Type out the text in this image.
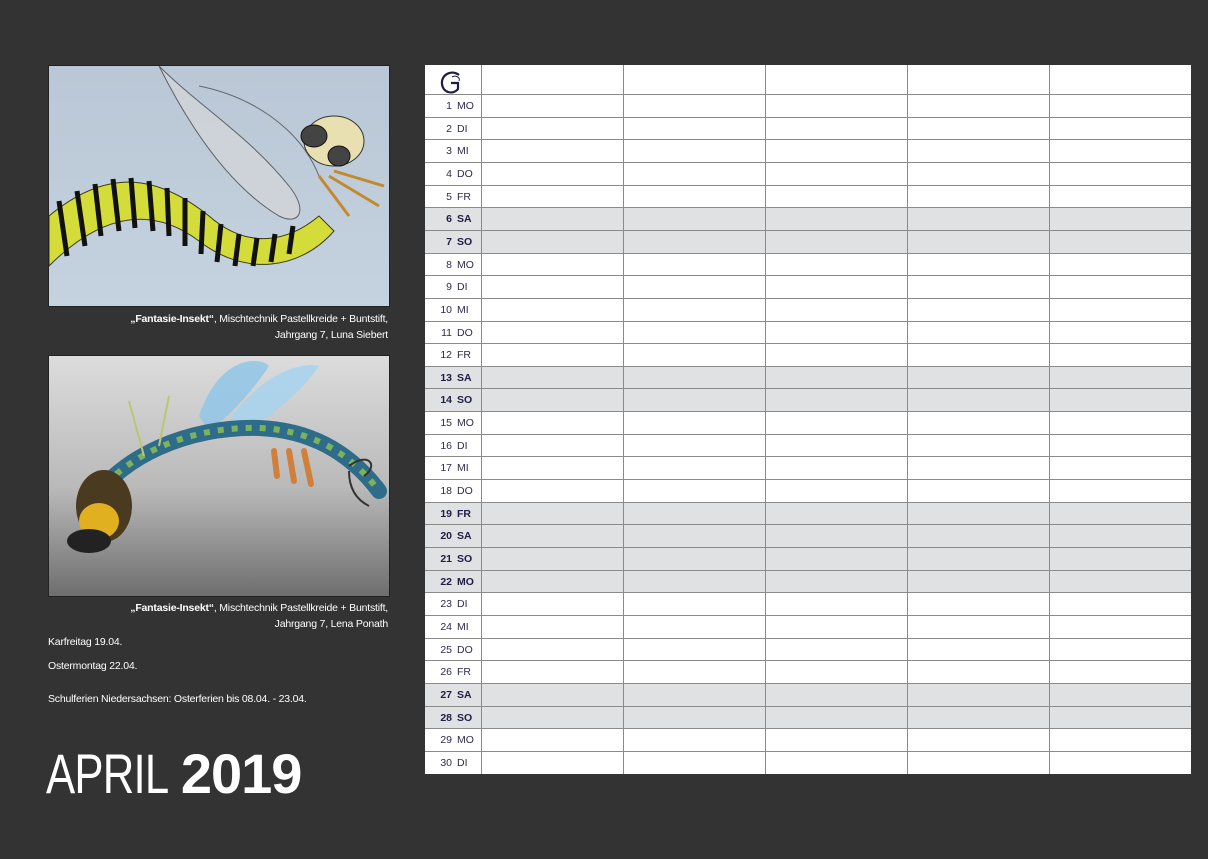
„Fantasie-Insekt“, Mischtechnik Pastellkreide + Buntstift,
Jahrgang 7, Luna Siebert
„Fantasie-Insekt“, Mischtechnik Pastellkreide + Buntstift,
Jahrgang 7, Lena Ponath
Karfreitag 19.04.
Ostermontag 22.04.
Schulferien Niedersachsen: Osterferien bis 08.04. - 23.04.
APRIL 2019
1 MO
2 DI
3 MI
4 DO
5 FR
6 SA
7 SO
8 MO
9 DI
10 MI
11 DO
12 FR
13 SA
14 SO
15 MO
16 DI
17 MI
18 DO
19 FR
20 SA
21 SO
22 MO
23 DI
24 MI
25 DO
26 FR
27 SA
28 SO
29 MO
30 DI
